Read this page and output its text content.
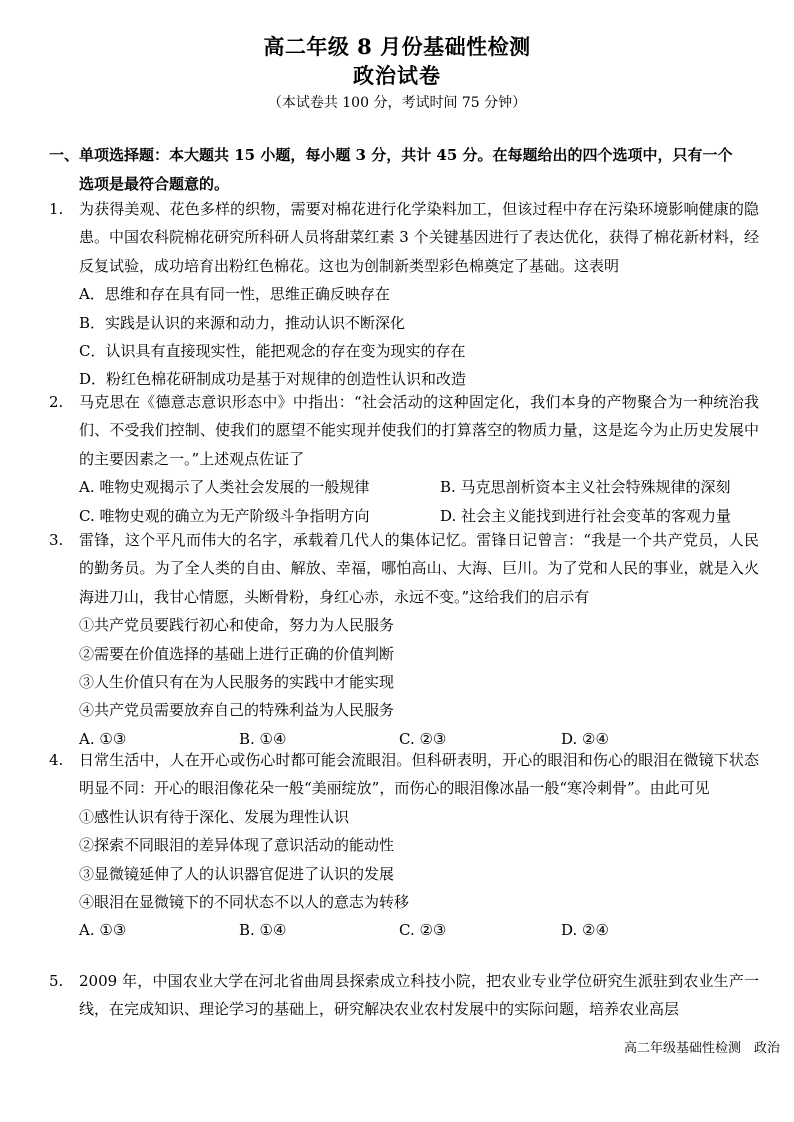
高二年级 8 月份基础性检测
政治试卷
（本试卷共 100 分，考试时间 75 分钟）
一、单项选择题：本大题共 15 小题，每小题 3 分，共计 45 分。在每题给出的四个选项中，只有一个
选项是最符合题意的。
1. 为获得美观、花色多样的织物，需要对棉花进行化学染料加工，但该过程中存在污染环境影响健康的隐患。中国农科院棉花研究所科研人员将甜菜红素 3 个关键基因进行了表达优化，获得了棉花新材料，经反复试验，成功培育出粉红色棉花。这也为创制新类型彩色棉奠定了基础。这表明
A．思维和存在具有同一性，思维正确反映存在
B．实践是认识的来源和动力，推动认识不断深化
C．认识具有直接现实性，能把观念的存在变为现实的存在
D．粉红色棉花研制成功是基于对规律的创造性认识和改造
2. 马克思在《德意志意识形态中》中指出：“社会活动的这种固定化，我们本身的产物聚合为一种统治我们、不受我们控制、使我们的愿望不能实现并使我们的打算落空的物质力量，这是迄今为止历史发展中的主要因素之一。”上述观点佐证了
A. 唯物史观揭示了人类社会发展的一般规律	B. 马克思剖析资本主义社会特殊规律的深刻
C. 唯物史观的确立为无产阶级斗争指明方向	D. 社会主义能找到进行社会变革的客观力量
3. 雷锋，这个平凡而伟大的名字，承载着几代人的集体记忆。雷锋日记曾言：“我是一个共产党员，人民的勤务员。为了全人类的自由、解放、幸福，哪怕高山、大海、巨川。为了党和人民的事业，就是入火海进刀山，我甘心情愿，头断骨粉，身红心赤，永远不变。”这给我们的启示有
①共产党员要践行初心和使命，努力为人民服务
②需要在价值选择的基础上进行正确的价值判断
③人生价值只有在为人民服务的实践中才能实现
④共产党员需要放弃自己的特殊利益为人民服务
A. ①③	B. ①④	C. ②③	D. ②④
4. 日常生活中，人在开心或伤心时都可能会流眼泪。但科研表明，开心的眼泪和伤心的眼泪在微镜下状态明显不同：开心的眼泪像花朵一般“美丽绽放”，而伤心的眼泪像冰晶一般“寒冷刺骨”。由此可见
①感性认识有待于深化、发展为理性认识
②探索不同眼泪的差异体现了意识活动的能动性
③显微镜延伸了人的认识器官促进了认识的发展
④眼泪在显微镜下的不同状态不以人的意志为转移
A. ①③	B. ①④	C. ②③	D. ②④
5. 2009 年，中国农业大学在河北省曲周县探索成立科技小院，把农业专业学位研究生派驻到农业生产一线，在完成知识、理论学习的基础上，研究解决农业农村发展中的实际问题，培养农业高层
高二年级基础性检测　政治
